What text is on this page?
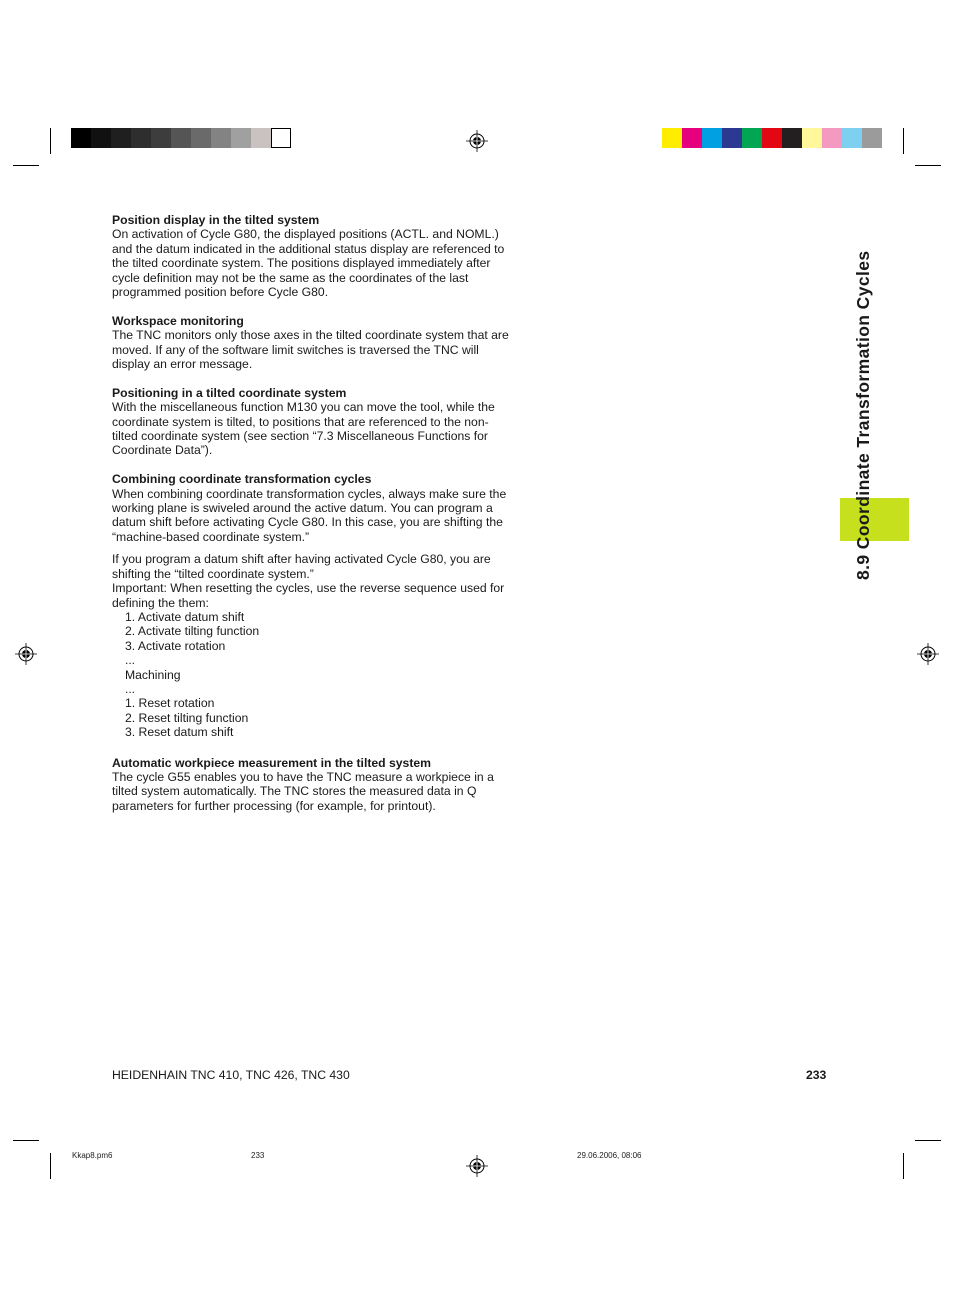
8.9 Coordinate Transformation Cycles
Position display in the tilted system

On activation of Cycle G80, the displayed positions (ACTL. and NOML.) and the datum indicated in the additional status display are referenced to the tilted coordinate system. The positions displayed immediately after cycle definition may not be the same as the coordinates of the last programmed position before Cycle G80.

Workspace monitoring

The TNC monitors only those axes in the tilted coordinate system that are moved. If any of the software limit switches is traversed the TNC will display an error message.

Positioning in a tilted coordinate system

With the miscellaneous function M130 you can move the tool, while the coordinate system is tilted, to positions that are referenced to the non-tilted coordinate system (see section “7.3 Miscellaneous Functions for Coordinate Data”).

Combining coordinate transformation cycles

When combining coordinate transformation cycles, always make sure the working plane is swiveled around the active datum. You can program a datum shift before activating Cycle G80. In this case, you are shifting the “machine-based coordinate system.”

If you program a datum shift after having activated Cycle G80, you are shifting the “tilted coordinate system.”

Important: When resetting the cycles, use the reverse sequence used for defining the them:

1. Activate datum shift
2. Activate tilting function
3. Activate rotation
...
Machining
...
1. Reset rotation
2. Reset tilting function
3. Reset datum shift
Automatic workpiece measurement in the tilted system

The cycle G55 enables you to have the TNC measure a workpiece in a tilted system automatically. The TNC stores the measured data in Q parameters for further processing (for example, for printout).

HEIDENHAIN TNC 410, TNC 426, TNC 430	233
Kkap8.pm6	233	29.06.2006, 08:06
